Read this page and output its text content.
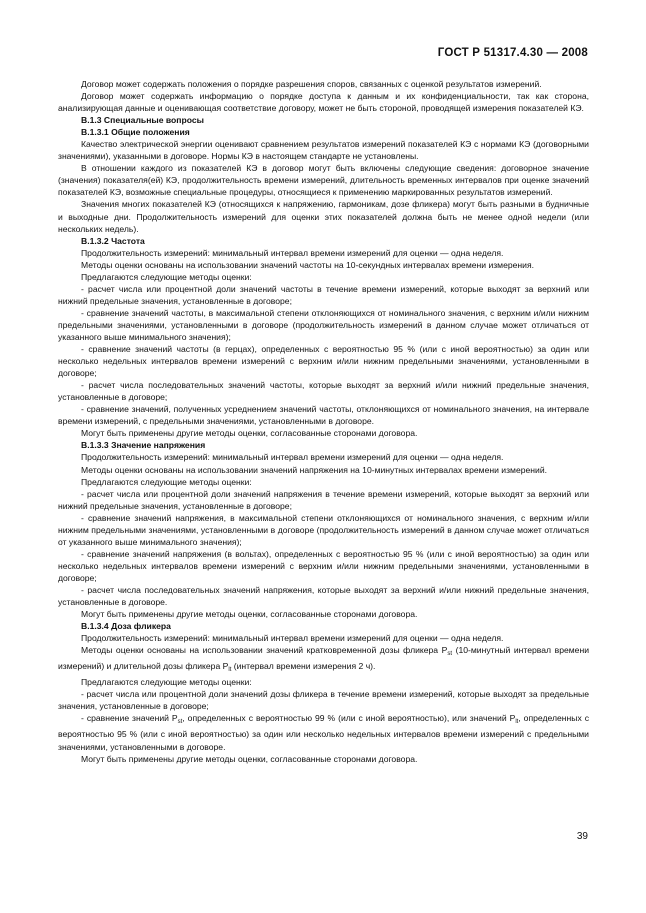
ГОСТ Р 51317.4.30 — 2008

Договор может содержать положения о порядке разрешения споров, связанных с оценкой результатов измерений.

Договор может содержать информацию о порядке доступа к данным и их конфиденциальности, так как сторона, анализирующая данные и оценивающая соответствие договору, может не быть стороной, проводящей измерения показателей КЭ.

В.1.3 Специальные вопросы

В.1.3.1 Общие положения

Качество электрической энергии оценивают сравнением результатов измерений показателей КЭ с нормами КЭ (договорными значениями), указанными в договоре. Нормы КЭ в настоящем стандарте не установлены.

В отношении каждого из показателей КЭ в договор могут быть включены следующие сведения: договорное значение (значения) показателя(ей) КЭ, продолжительность времени измерений, длительность временных интервалов при оценке значений показателей КЭ, возможные специальные процедуры, относящиеся к применению маркированных результатов измерений.

Значения многих показателей КЭ (относящихся к напряжению, гармоникам, дозе фликера) могут быть разными в будничные и выходные дни. Продолжительность измерений для оценки этих показателей должна быть не менее одной недели (или нескольких недель).

В.1.3.2 Частота

Продолжительность измерений: минимальный интервал времени измерений для оценки — одна неделя.

Методы оценки основаны на использовании значений частоты на 10-секундных интервалах времени измерения.

Предлагаются следующие методы оценки:

- расчет числа или процентной доли значений частоты в течение времени измерений, которые выходят за верхний или нижний предельные значения, установленные в договоре;

- сравнение значений частоты, в максимальной степени отклоняющихся от номинального значения, с верхним и/или нижним предельными значениями, установленными в договоре (продолжительность измерений в данном случае может отличаться от указанного выше минимального значения);

- сравнение значений частоты (в герцах), определенных с вероятностью 95 % (или с иной вероятностью) за один или несколько недельных интервалов времени измерений с верхним и/или нижним предельными значениями, установленными в договоре;

- расчет числа последовательных значений частоты, которые выходят за верхний и/или нижний предельные значения, установленные в договоре;

- сравнение значений, полученных усреднением значений частоты, отклоняющихся от номинального значения, на интервале времени измерений, с предельными значениями, установленными в договоре.

Могут быть применены другие методы оценки, согласованные сторонами договора.

В.1.3.3 Значение напряжения

Продолжительность измерений: минимальный интервал времени измерений для оценки — одна неделя.

Методы оценки основаны на использовании значений напряжения на 10-минутных интервалах времени измерений.

Предлагаются следующие методы оценки:

- расчет числа или процентной доли значений напряжения в течение времени измерений, которые выходят за верхний или нижний предельные значения, установленные в договоре;

- сравнение значений напряжения, в максимальной степени отклоняющихся от номинального значения, с верхним и/или нижним предельными значениями, установленными в договоре (продолжительность измерений в данном случае может отличаться от указанного выше минимального значения);

- сравнение значений напряжения (в вольтах), определенных с вероятностью 95 % (или с иной вероятностью) за один или несколько недельных интервалов времени измерений с верхним и/или нижним предельными значениями, установленными в договоре;

- расчет числа последовательных значений напряжения, которые выходят за верхний и/или нижний предельные значения, установленные в договоре.

Могут быть применены другие методы оценки, согласованные сторонами договора.

В.1.3.4 Доза фликера

Продолжительность измерений: минимальный интервал времени измерений для оценки — одна неделя.

Методы оценки основаны на использовании значений кратковременной дозы фликера $P_{st}$ (10-минутный интервал времени измерений) и длительной дозы фликера $P_{lt}$ (интервал времени измерения 2 ч).

Предлагаются следующие методы оценки:

- расчет числа или процентной доли значений дозы фликера в течение времени измерений, которые выходят за предельные значения, установленные в договоре;

- сравнение значений $P_{st}$, определенных с вероятностью 99 % (или с иной вероятностью), или значений $P_{lt}$, определенных с вероятностью 95 % (или с иной вероятностью) за один или несколько недельных интервалов времени измерений с предельными значениями, установленными в договоре.

Могут быть применены другие методы оценки, согласованные сторонами договора.

39
